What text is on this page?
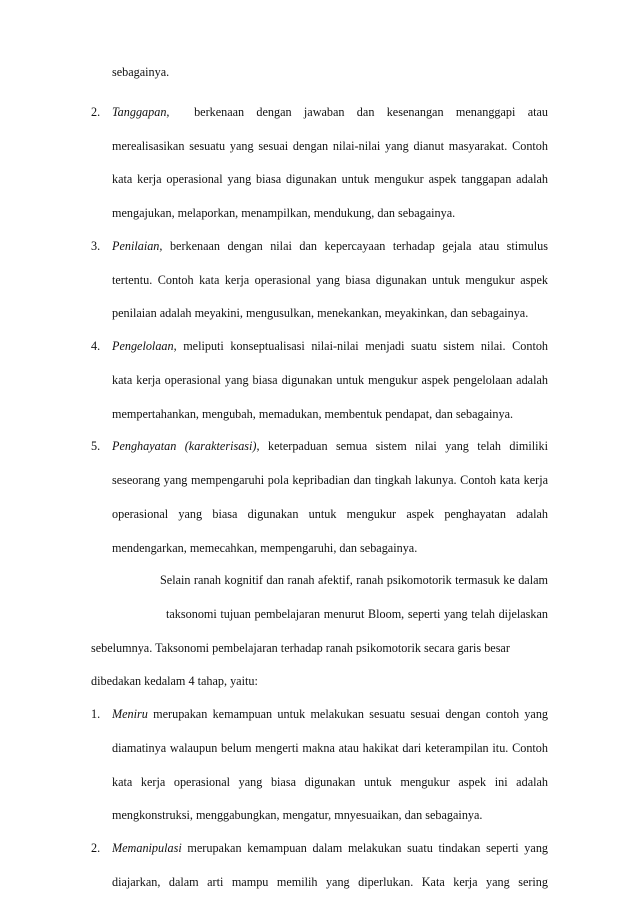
sebagainya.
2. Tanggapan, berkenaan dengan jawaban dan kesenangan menanggapi atau
merealisasikan sesuatu yang sesuai dengan nilai-nilai yang dianut masyarakat. Contoh
kata kerja operasional yang biasa digunakan untuk mengukur aspek tanggapan adalah
mengajukan, melaporkan, menampilkan, mendukung, dan sebagainya.
3. Penilaian, berkenaan dengan nilai dan kepercayaan terhadap gejala atau stimulus
tertentu. Contoh kata kerja operasional yang biasa digunakan untuk mengukur aspek
penilaian adalah meyakini, mengusulkan, menekankan, meyakinkan, dan sebagainya.
4. Pengelolaan, meliputi konseptualisasi nilai-nilai menjadi suatu sistem nilai. Contoh
kata kerja operasional yang biasa digunakan untuk mengukur aspek pengelolaan adalah
mempertahankan, mengubah, memadukan, membentuk pendapat, dan sebagainya.
5. Penghayatan (karakterisasi), keterpaduan semua sistem nilai yang telah dimiliki
seseorang yang mempengaruhi pola kepribadian dan tingkah lakunya. Contoh kata kerja
operasional yang biasa digunakan untuk mengukur aspek penghayatan adalah
mendengarkan, memecahkan, mempengaruhi, dan sebagainya.
Selain ranah kognitif dan ranah afektif, ranah psikomotorik termasuk ke dalam
taksonomi tujuan pembelajaran menurut Bloom, seperti yang telah dijelaskan
sebelumnya. Taksonomi pembelajaran terhadap ranah psikomotorik secara garis besar
dibedakan kedalam 4 tahap, yaitu:
1. Meniru merupakan kemampuan untuk melakukan sesuatu sesuai dengan contoh yang
diamatinya walaupun belum mengerti makna atau hakikat dari keterampilan itu. Contoh
kata kerja operasional yang biasa digunakan untuk mengukur aspek ini adalah
mengkonstruksi, menggabungkan, mengatur, mnyesuaikan, dan sebagainya.
2. Memanipulasi merupakan kemampuan dalam melakukan suatu tindakan seperti yang
diajarkan, dalam arti mampu memilih yang diperlukan. Kata kerja yang sering
